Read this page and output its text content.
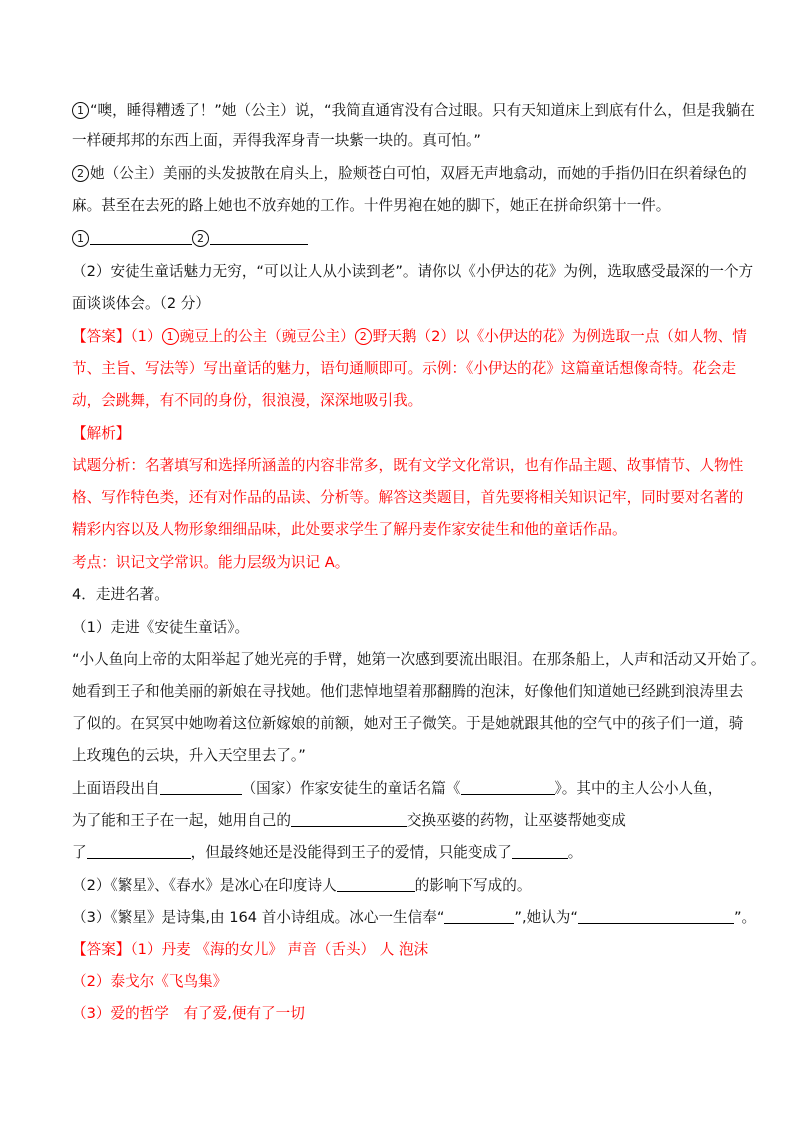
1 “噢，睡得糟透了！”她（公主）说，“我简直通宵没有合过眼。只有天知道床上到底有什么，但是我躺在
一样硬邦邦的东西上面，弄得我浑身青一块紫一块的。真可怕。”
2 她（公主）美丽的头发披散在肩头上，脸颊苍白可怕，双唇无声地翕动，而她的手指仍旧在织着绿色的
麻。甚至在去死的路上她也不放弃她的工作。十件男袍在她的脚下，她正在拼命织第十一件。
1	2
（2）安徒生童话魅力无穷，“可以让人从小读到老”。请你以《小伊达的花》为例，选取感受最深的一个方
面谈谈体会。（2 分）
【答案】（1） 1 豌豆上的公主（豌豆公主） 2 野天鹅（2）以《小伊达的花》为例选取一点（如人物、情
节、主旨、写法等）写出童话的魅力，语句通顺即可。示例：《小伊达的花》这篇童话想像奇特。花会走
动，会跳舞，有不同的身份，很浪漫，深深地吸引我。
【解析】
试题分析：名著填写和选择所涵盖的内容非常多，既有文学文化常识，也有作品主题、故事情节、人物性
格、写作特色类，还有对作品的品读、分析等。解答这类题目，首先要将相关知识记牢，同时要对名著的
精彩内容以及人物形象细细品味，此处要求学生了解丹麦作家安徒生和他的童话作品。
考点：识记文学常识。能力层级为识记 A。
4．走进名著。
（1）走进《安徒生童话》。
“小人鱼向上帝的太阳举起了她光亮的手臂，她第一次感到要流出眼泪。在那条船上，人声和活动又开始了。
她看到王子和他美丽的新娘在寻找她。他们悲悼地望着那翻腾的泡沫，好像他们知道她已经跳到浪涛里去
了似的。在冥冥中她吻着这位新嫁娘的前额，她对王子微笑。于是她就跟其他的空气中的孩子们一道，骑
上玫瑰色的云块，升入天空里去了。”
上面语段出自	（国家）作家安徒生的童话名篇《	》。其中的主人公小人鱼，
为了能和王子在一起，她用自己的	交换巫婆的药物，让巫婆帮她变成
了	，但最终她还是没能得到王子的爱情，只能变成了	。
（2）《繁星》、《春水》是冰心在印度诗人	的影响下写成的。
（3）《繁星》是诗集,由 164 首小诗组成。冰心一生信奉“	”,她认为“	”。
【答案】（1）丹麦 《海的女儿》 声音（舌头） 人 泡沫
（2）泰戈尔《飞鸟集》
（3）爱的哲学　有了爱,便有了一切
